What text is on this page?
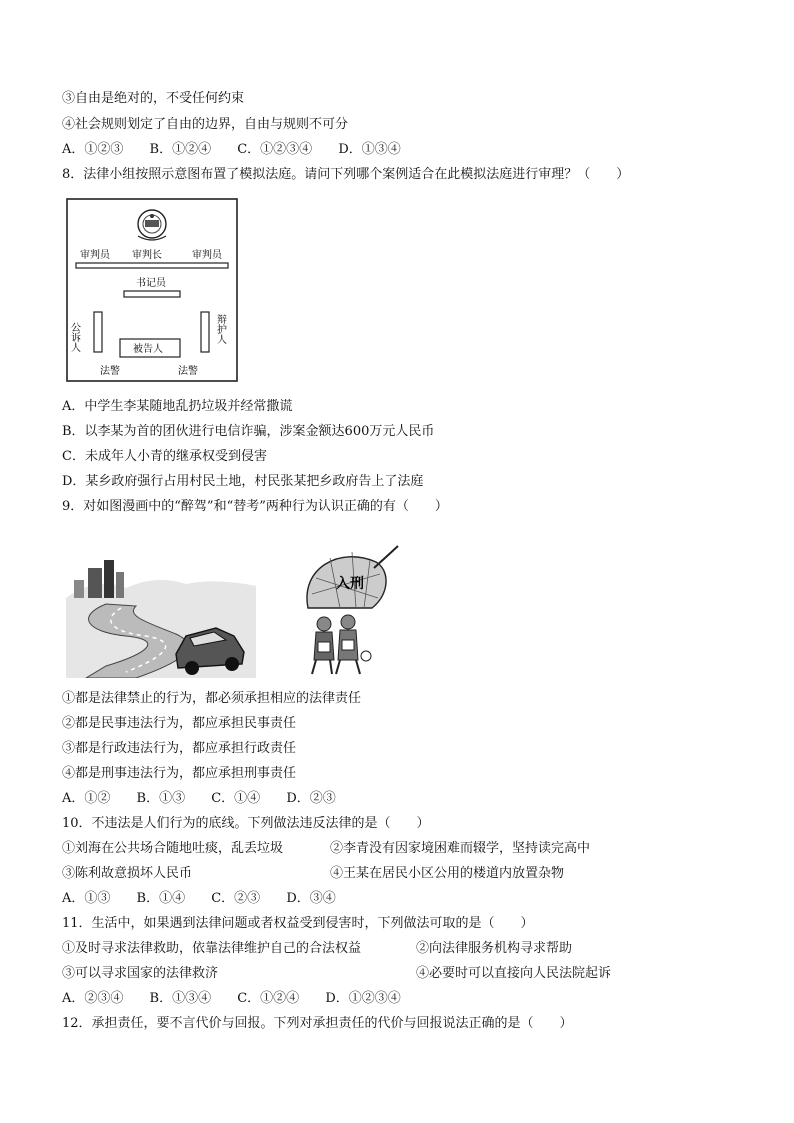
③自由是绝对的，不受任何约束
④社会规则划定了自由的边界，自由与规则不可分
A．①②③ B．①②④ C．①②③④ D．①③④
8．法律小组按照示意图布置了模拟法庭。请问下列哪个案例适合在此模拟法庭进行审理？（　　）
审判员 审判长	审判员
书记员
公诉人	辩护人
被告人
法警	法警
A．中学生李某随地乱扔垃圾并经常撒谎
B．以李某为首的团伙进行电信诈骗，涉案金额达600万元人民币
C．未成年人小青的继承权受到侵害
D．某乡政府强行占用村民土地，村民张某把乡政府告上了法庭
9．对如图漫画中的“醉驾”和“替考”两种行为认识正确的有（　　）
入刑
①都是法律禁止的行为，都必须承担相应的法律责任
②都是民事违法行为，都应承担民事责任
③都是行政违法行为，都应承担行政责任
④都是刑事违法行为，都应承担刑事责任
A．①② B．①③ C．①④ D．②③
10．不违法是人们行为的底线。下列做法违反法律的是（　　）
①刘海在公共场合随地吐痰，乱丢垃圾	②李青没有因家境困难而辍学，坚持读完高中
③陈利故意损坏人民币	④王某在居民小区公用的楼道内放置杂物
A．①③ B．①④ C．②③ D．③④
11．生活中，如果遇到法律问题或者权益受到侵害时，下列做法可取的是（　　）
①及时寻求法律救助，依靠法律维护自己的合法权益	②向法律服务机构寻求帮助
③可以寻求国家的法律救济	④必要时可以直接向人民法院起诉
A．②③④ B．①③④ C．①②④ D．①②③④
12．承担责任，要不言代价与回报。下列对承担责任的代价与回报说法正确的是（　　）
